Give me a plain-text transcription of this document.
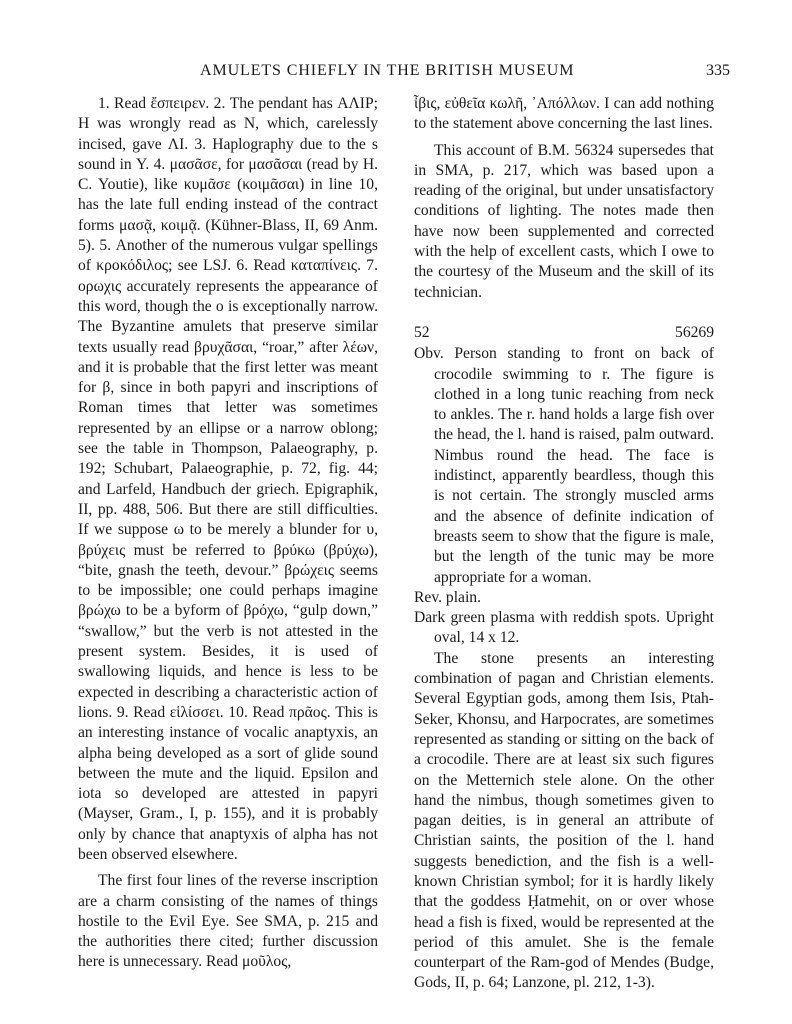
AMULETS CHIEFLY IN THE BRITISH MUSEUM	335

1. Read ἔσπειρεν. 2. The pendant has ΑΛΙΡ; Η was wrongly read as Ν, which, carelessly incised, gave ΛΙ. 3. Haplography due to the s sound in Υ. 4. μασᾶσε, for μασᾶσαι (read by H. C. Youtie), like κυμᾶσε (κοιμᾶσαι) in line 10, has the late full ending instead of the contract forms μασᾷ, κοιμᾷ. (Kühner-Blass, II, 69 Anm. 5). 5. Another of the numerous vulgar spellings of κροκόδιλος; see LSJ. 6. Read καταπίνεις. 7. ορωχις accurately represents the appearance of this word, though the ο is exceptionally narrow. The Byzantine amulets that preserve similar texts usually read βρυχᾶσαι, “roar,” after λέων, and it is probable that the first letter was meant for β, since in both papyri and inscriptions of Roman times that letter was sometimes represented by an ellipse or a narrow oblong; see the table in Thompson, Palaeography, p. 192; Schubart, Palaeographie, p. 72, fig. 44; and Larfeld, Handbuch der griech. Epigraphik, II, pp. 488, 506. But there are still difficulties. If we suppose ω to be merely a blunder for υ, βρύχεις must be referred to βρύκω (βρύχω), “bite, gnash the teeth, devour.” βρώχεις seems to be impossible; one could perhaps imagine βρώχω to be a byform of βρόχω, “gulp down,” “swallow,” but the verb is not attested in the present system. Besides, it is used of swallowing liquids, and hence is less to be expected in describing a characteristic action of lions. 9. Read εἱλίσσει. 10. Read πρᾶος. This is an interesting instance of vocalic anaptyxis, an alpha being developed as a sort of glide sound between the mute and the liquid. Epsilon and iota so developed are attested in papyri (Mayser, Gram., I, p. 155), and it is probably only by chance that anaptyxis of alpha has not been observed elsewhere.

The first four lines of the reverse inscription are a charm consisting of the names of things hostile to the Evil Eye. See SMA, p. 215 and the authorities there cited; further discussion here is unnecessary. Read μοῦλος,

ἶβις, εὐθεῖα κωλῆ, ᾿Απόλλων. I can add nothing to the statement above concerning the last lines.

This account of B.M. 56324 supersedes that in SMA, p. 217, which was based upon a reading of the original, but under unsatisfactory conditions of lighting. The notes made then have now been supplemented and corrected with the help of excellent casts, which I owe to the courtesy of the Museum and the skill of its technician.

52	56269

Obv. Person standing to front on back of crocodile swimming to r. The figure is clothed in a long tunic reaching from neck to ankles. The r. hand holds a large fish over the head, the l. hand is raised, palm outward. Nimbus round the head. The face is indistinct, apparently beardless, though this is not certain. The strongly muscled arms and the absence of definite indication of breasts seem to show that the figure is male, but the length of the tunic may be more appropriate for a woman.

Rev. plain.

Dark green plasma with reddish spots. Upright oval, 14 x 12.

The stone presents an interesting combination of pagan and Christian elements. Several Egyptian gods, among them Isis, Ptah-Seker, Khonsu, and Harpocrates, are sometimes represented as standing or sitting on the back of a crocodile. There are at least six such figures on the Metternich stele alone. On the other hand the nimbus, though sometimes given to pagan deities, is in general an attribute of Christian saints, the position of the l. hand suggests benediction, and the fish is a well-known Christian symbol; for it is hardly likely that the goddess Ḥatmehit, on or over whose head a fish is fixed, would be represented at the period of this amulet. She is the female counterpart of the Ram-god of Mendes (Budge, Gods, II, p. 64; Lanzone, pl. 212, 1-3).
